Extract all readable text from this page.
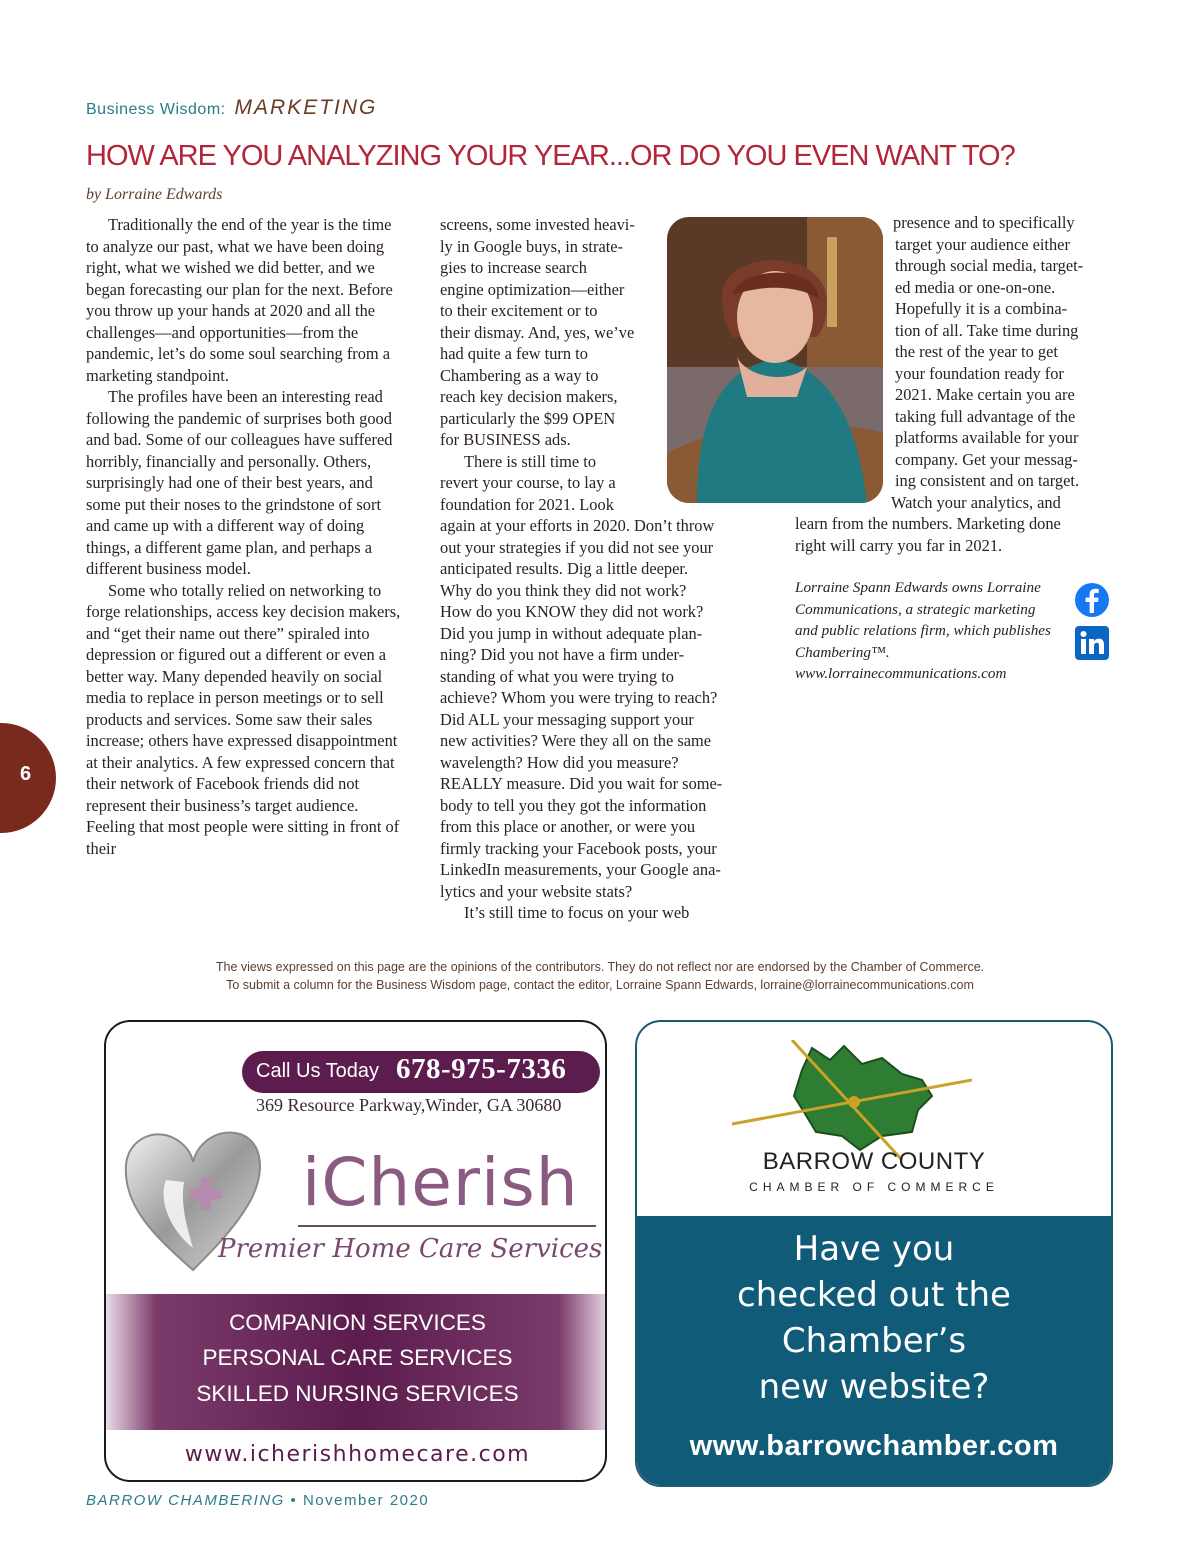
Business Wisdom: MARKETING
HOW ARE YOU ANALYZING YOUR YEAR...OR DO YOU EVEN WANT TO?
by Lorraine Edwards

Traditionally the end of the year is the time to analyze our past, what we have been doing right, what we wished we did better, and we began forecasting our plan for the next. Before you throw up your hands at 2020 and all the challenges—and opportunities—from the pandemic, let’s do some soul searching from a marketing standpoint.

The profiles have been an interesting read following the pandemic of surprises both good and bad. Some of our colleagues have suffered horribly, financially and personally. Others, surprisingly had one of their best years, and some put their noses to the grindstone of sort and came up with a different way of doing things, a different game plan, and perhaps a different business model.

Some who totally relied on networking to forge relationships, access key decision makers, and “get their name out there” spiraled into depression or figured out a different or even a better way. Many depended heavily on social media to replace in person meetings or to sell products and services. Some saw their sales increase; others have expressed disappointment at their analytics. A few expressed concern that their network of Facebook friends did not represent their business’s target audience. Feeling that most people were sitting in front of their

screens, some invested heavi-
ly in Google buys, in strate-
gies to increase search
engine optimization—either
to their excitement or to
their dismay. And, yes, we’ve
had quite a few turn to
Chambering as a way to
reach key decision makers,
particularly the $99 OPEN
for BUSINESS ads.
There is still time to
revert your course, to lay a
foundation for 2021. Look
again at your efforts in 2020. Don’t throw
out your strategies if you did not see your
anticipated results. Dig a little deeper.
Why do you think they did not work?
How do you KNOW they did not work?
Did you jump in without adequate plan-
ning? Did you not have a firm under-
standing of what you were trying to
achieve? Whom you were trying to reach?
Did ALL your messaging support your
new activities? Were they all on the same
wavelength? How did you measure?
REALLY measure. Did you wait for some-
body to tell you they got the information
from this place or another, or were you
firmly tracking your Facebook posts, your
LinkedIn measurements, your Google ana-
lytics and your website stats?
It’s still time to focus on your web
presence and to specifically
target your audience either
through social media, target-
ed media or one-on-one.
Hopefully it is a combina-
tion of all. Take time during
the rest of the year to get
your foundation ready for
2021. Make certain you are
taking full advantage of the
platforms available for your
company. Get your messag-
ing consistent and on target.
Watch your analytics, and
learn from the numbers. Marketing done
right will carry you far in 2021.
Lorraine Spann Edwards owns Lorraine
Communications, a strategic marketing
and public relations firm, which publishes
Chambering™.
www.lorrainecommunications.com
6
The views expressed on this page are the opinions of the contributors. They do not reflect nor are endorsed by the Chamber of Commerce.
To submit a column for the Business Wisdom page, contact the editor, Lorraine Spann Edwards, lorraine@lorrainecommunications.com
Call Us Today 678-975-7336
369 Resource Parkway,Winder, GA 30680
iCherish
Premier Home Care Services
COMPANION SERVICES
PERSONAL CARE SERVICES
SKILLED NURSING SERVICES
www.icherishhomecare.com
BARROW COUNTY
CHAMBER OF COMMERCE
Have you
checked out the
Chamber’s
new website?
www.barrowchamber.com
BARROW CHAMBERING • November 2020
